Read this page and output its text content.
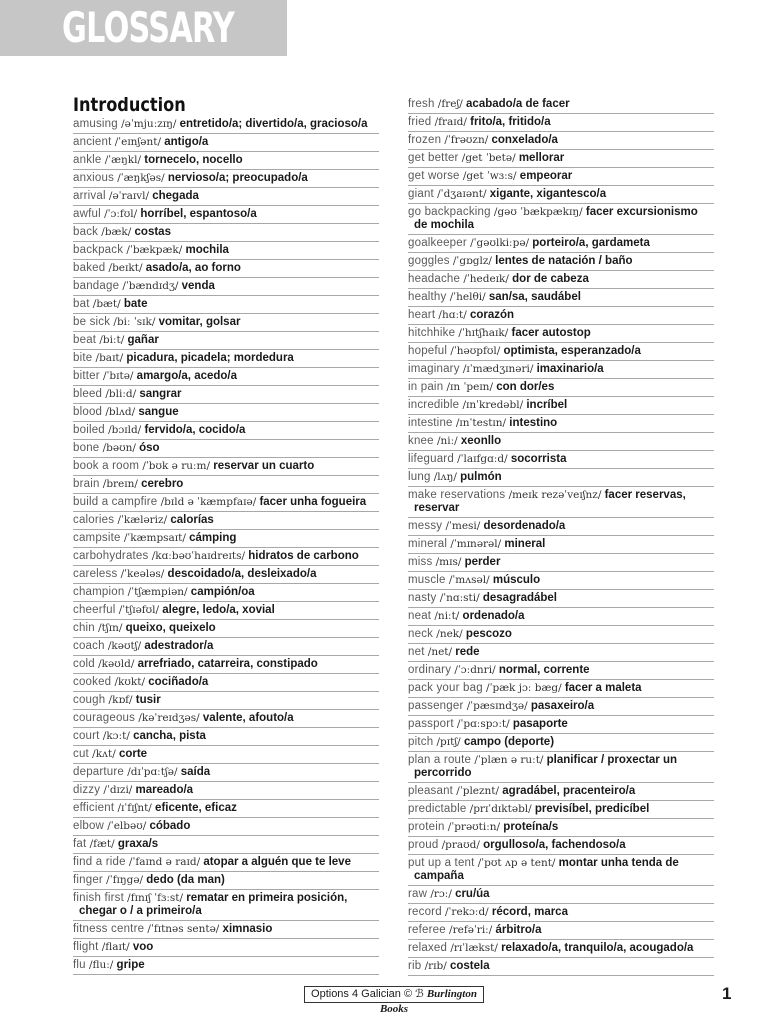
GLOSSARY
Introduction
amusing /əˈmjuːzɪŋ/ entretido/a; divertido/a, gracioso/a
ancient /ˈeɪnʃənt/ antigo/a
ankle /ˈæŋkl/ tornecelo, nocello
anxious /ˈæŋkʃəs/ nervioso/a; preocupado/a
arrival /əˈraɪvl/ chegada
awful /ˈɔːfʊl/ horríbel, espantoso/a
back /bæk/ costas
backpack /ˈbækpæk/ mochila
baked /beɪkt/ asado/a, ao forno
bandage /ˈbændɪdʒ/ venda
bat /bæt/ bate
be sick /biː ˈsɪk/ vomitar, golsar
beat /biːt/ gañar
bite /baɪt/ picadura, picadela; mordedura
bitter /ˈbɪtə/ amargo/a, acedo/a
bleed /bliːd/ sangrar
blood /blʌd/ sangue
boiled /bɔɪld/ fervido/a, cocido/a
bone /bəʊn/ óso
book a room /ˈbʊk ə ruːm/ reservar un cuarto
brain /breɪn/ cerebro
build a campfire /bɪld ə ˈkæmpfaɪə/ facer unha fogueira
calories /ˈkæləriz/ calorías
campsite /ˈkæmpsaɪt/ cámping
carbohydrates /kɑːbəʊˈhaɪdreɪts/ hidratos de carbono
careless /ˈkeələs/ descoidado/a, desleixado/a
champion /ˈtʃæmpiən/ campión/oa
cheerful /ˈtʃɪəfʊl/ alegre, ledo/a, xovial
chin /tʃɪn/ queixo, queixelo
coach /kəʊtʃ/ adestrador/a
cold /kəʊld/ arrefriado, catarreira, constipado
cooked /kʊkt/ cociñado/a
cough /kɒf/ tusir
courageous /kəˈreɪdʒəs/ valente, afouto/a
court /kɔːt/ cancha, pista
cut /kʌt/ corte
departure /dɪˈpɑːtʃə/ saída
dizzy /ˈdɪzi/ mareado/a
efficient /ɪˈfɪʃnt/ eficente, eficaz
elbow /ˈelbəʊ/ cóbado
fat /fæt/ graxa/s
find a ride /ˈfaɪnd ə raɪd/ atopar a alguén que te leve
finger /ˈfɪŋgə/ dedo (da man)
finish first /fɪnɪʃ ˈfɜːst/ rematar en primeira posición,
chegar o / a primeiro/a
fitness centre /ˈfɪtnəs sentə/ ximnasio
flight /flaɪt/ voo
flu /fluː/ gripe
fresh /freʃ/ acabado/a de facer
fried /fraɪd/ frito/a, fritido/a
frozen /ˈfrəʊzn/ conxelado/a
get better /get ˈbetə/ mellorar
get worse /get ˈwɜːs/ empeorar
giant /ˈdʒaɪənt/ xigante, xigantesco/a
go backpacking /gəʊ ˈbækpækɪŋ/ facer excursionismo
de mochila
goalkeeper /ˈgəʊlkiːpə/ porteiro/a, gardameta
goggles /ˈgɒglz/ lentes de natación / baño
headache /ˈhedeɪk/ dor de cabeza
healthy /ˈhelθi/ san/sa, saudábel
heart /hɑːt/ corazón
hitchhike /ˈhɪtʃhaɪk/ facer autostop
hopeful /ˈhəʊpfʊl/ optimista, esperanzado/a
imaginary /ɪˈmædʒɪnəri/ imaxinario/a
in pain /ɪn ˈpeɪn/ con dor/es
incredible /ɪnˈkredəbl/ incríbel
intestine /ɪnˈtestɪn/ intestino
knee /niː/ xeonllo
lifeguard /ˈlaɪfgɑːd/ socorrista
lung /lʌŋ/ pulmón
make reservations /meɪk rezəˈveɪʃnz/ facer reservas,
reservar
messy /ˈmesi/ desordenado/a
mineral /ˈmɪnərəl/ mineral
miss /mɪs/ perder
muscle /ˈmʌsəl/ músculo
nasty /ˈnɑːsti/ desagradábel
neat /niːt/ ordenado/a
neck /nek/ pescozo
net /net/ rede
ordinary /ˈɔːdnri/ normal, corrente
pack your bag /ˈpæk jɔː bæg/ facer a maleta
passenger /ˈpæsɪndʒə/ pasaxeiro/a
passport /ˈpɑːspɔːt/ pasaporte
pitch /pɪtʃ/ campo (deporte)
plan a route /ˈplæn ə ruːt/ planificar / proxectar un
percorrido
pleasant /ˈpleznt/ agradábel, pracenteiro/a
predictable /prɪˈdɪktəbl/ previsíbel, predicíbel
protein /ˈprəʊtiːn/ proteína/s
proud /praʊd/ orgulloso/a, fachendoso/a
put up a tent /ˈpʊt ʌp ə tent/ montar unha tenda de
campaña
raw /rɔː/ cru/úa
record /ˈrekɔːd/ récord, marca
referee /refəˈriː/ árbitro/a
relaxed /rɪˈlækst/ relaxado/a, tranquilo/a, acougado/a
rib /rɪb/ costela
Options 4 Galician © ℬ Burlington Books
1
